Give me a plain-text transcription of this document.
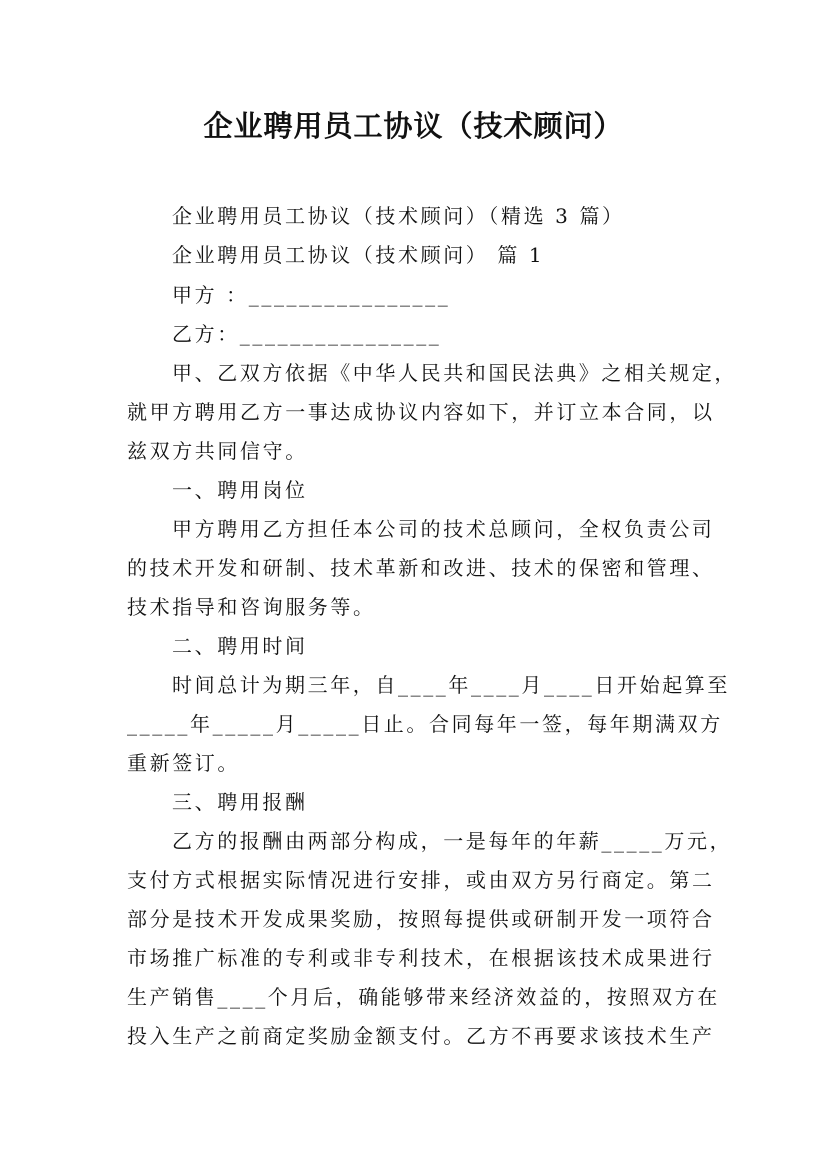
企业聘用员工协议（技术顾问）
企业聘用员工协议（技术顾问）（精选 3 篇）
企业聘用员工协议（技术顾问） 篇 1
甲方 ：________________
乙方：________________
甲、乙双方依据《中华人民共和国民法典》之相关规定，
就甲方聘用乙方一事达成协议内容如下，并订立本合同，以
兹双方共同信守。
一、聘用岗位
甲方聘用乙方担任本公司的技术总顾问，全权负责公司
的技术开发和研制、技术革新和改进、技术的保密和管理、
技术指导和咨询服务等。
二、聘用时间
时间总计为期三年，自____年____月____日开始起算至
_____年_____月_____日止。合同每年一签，每年期满双方
重新签订。
三、聘用报酬
乙方的报酬由两部分构成，一是每年的年薪_____万元，
支付方式根据实际情况进行安排，或由双方另行商定。第二
部分是技术开发成果奖励，按照每提供或研制开发一项符合
市场推广标准的专利或非专利技术，在根据该技术成果进行
生产销售____个月后，确能够带来经济效益的，按照双方在
投入生产之前商定奖励金额支付。乙方不再要求该技术生产
